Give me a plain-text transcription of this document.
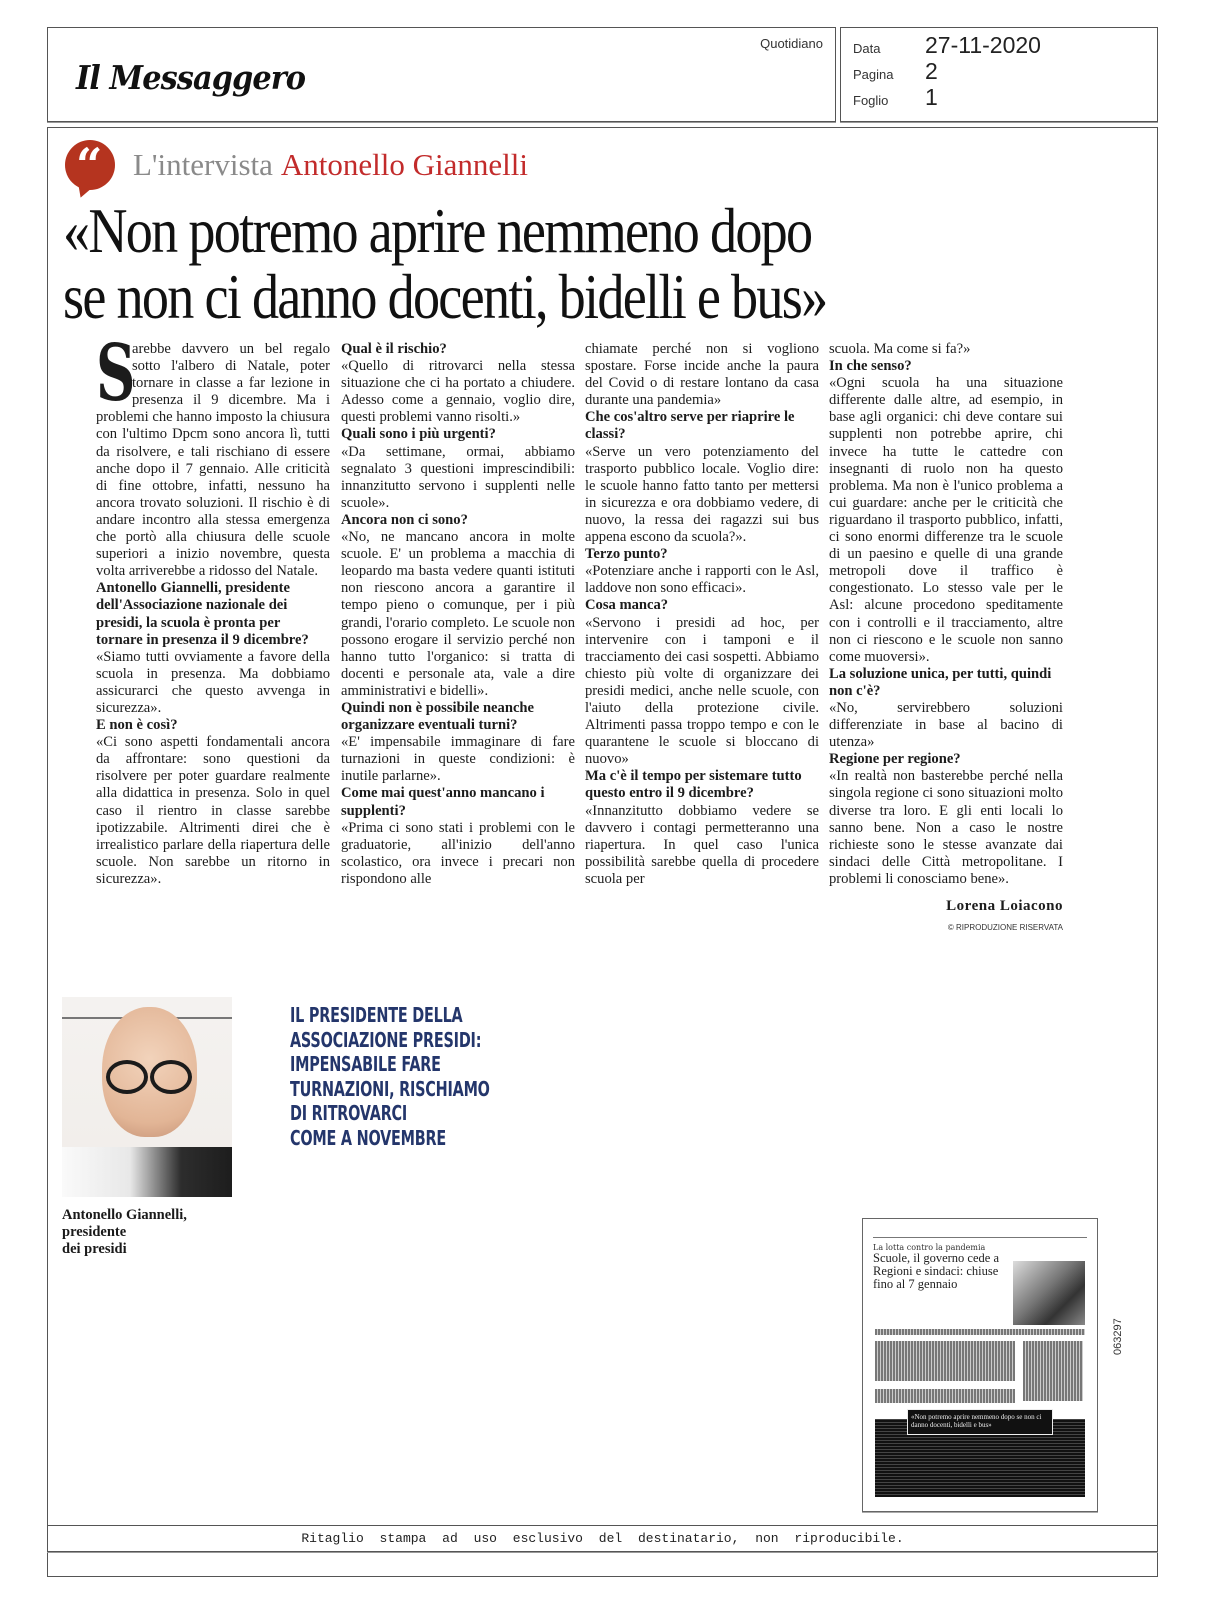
Il Messaggero
Quotidiano Data 27-11-2020
Pagina 2
Foglio 1
“ L'intervista Antonello Giannelli
«Non potremo aprire nemmeno dopo
se non ci danno docenti, bidelli e bus»
S

arebbe davvero un bel regalo sotto l'albero di Natale, poter tornare in classe a far lezione in presenza il 9 dicembre. Ma i problemi che hanno imposto la chiusura con l'ultimo Dpcm sono ancora lì, tutti da risolvere, e tali rischiano di essere anche dopo il 7 gennaio. Alle criticità di fine ottobre, infatti, nessuno ha ancora trovato soluzioni. Il rischio è di andare incontro alla stessa emergenza che portò alla chiusura delle scuole superiori a inizio novembre, questa volta arriverebbe a ridosso del Natale.

Antonello Giannelli, presidente dell'Associazione nazionale dei presidi, la scuola è pronta per tornare in presenza il 9 dicembre?

«Siamo tutti ovviamente a favore della scuola in presenza. Ma dobbiamo assicurarci che questo avvenga in sicurezza».

E non è così?

«Ci sono aspetti fondamentali ancora da affrontare: sono questioni da risolvere per poter guardare realmente alla didattica in presenza. Solo in quel caso il rientro in classe sarebbe ipotizzabile. Altrimenti direi che è irrealistico parlare della riapertura delle scuole. Non sarebbe un ritorno in sicurezza».

Qual è il rischio?

«Quello di ritrovarci nella stessa situazione che ci ha portato a chiudere. Adesso come a gennaio, voglio dire, questi problemi vanno risolti.»

Quali sono i più urgenti?

«Da settimane, ormai, abbiamo segnalato 3 questioni imprescindibili: innanzitutto servono i supplenti nelle scuole».

Ancora non ci sono?

«No, ne mancano ancora in molte scuole. E' un problema a macchia di leopardo ma basta vedere quanti istituti non riescono ancora a garantire il tempo pieno o comunque, per i più grandi, l'orario completo. Le scuole non possono erogare il servizio perché non hanno tutto l'organico: si tratta di docenti e personale ata, vale a dire amministrativi e bidelli».

Quindi non è possibile neanche organizzare eventuali turni?

«E' impensabile immaginare di fare turnazioni in queste condizioni: è inutile parlarne».

Come mai quest'anno mancano i supplenti?

«Prima ci sono stati i problemi con le graduatorie, all'inizio dell'anno scolastico, ora invece i precari non rispondono alle

chiamate perché non si vogliono spostare. Forse incide anche la paura del Covid o di restare lontano da casa durante una pandemia»

Che cos'altro serve per riaprire le classi?

«Serve un vero potenziamento del trasporto pubblico locale. Voglio dire: le scuole hanno fatto tanto per mettersi in sicurezza e ora dobbiamo vedere, di nuovo, la ressa dei ragazzi sui bus appena escono da scuola?».

Terzo punto?

«Potenziare anche i rapporti con le Asl, laddove non sono efficaci».

Cosa manca?

«Servono i presidi ad hoc, per intervenire con i tamponi e il tracciamento dei casi sospetti. Abbiamo chiesto più volte di organizzare dei presidi medici, anche nelle scuole, con l'aiuto della protezione civile. Altrimenti passa troppo tempo e con le quarantene le scuole si bloccano di nuovo»

Ma c'è il tempo per sistemare tutto questo entro il 9 dicembre?

«Innanzitutto dobbiamo vedere se davvero i contagi permetteranno una riapertura. In quel caso l'unica possibilità sarebbe quella di procedere scuola per

scuola. Ma come si fa?»

In che senso?

«Ogni scuola ha una situazione differente dalle altre, ad esempio, in base agli organici: chi deve contare sui supplenti non potrebbe aprire, chi invece ha tutte le cattedre con insegnanti di ruolo non ha questo problema. Ma non è l'unico problema a cui guardare: anche per le criticità che riguardano il trasporto pubblico, infatti, ci sono enormi differenze tra le scuole di un paesino e quelle di una grande metropoli dove il traffico è congestionato. Lo stesso vale per le Asl: alcune procedono speditamente con i controlli e il tracciamento, altre non ci riescono e le scuole non sanno come muoversi».

La soluzione unica, per tutti, quindi non c'è?

«No, servirebbero soluzioni differenziate in base al bacino di utenza»

Regione per regione?

«In realtà non basterebbe perché nella singola regione ci sono situazioni molto diverse tra loro. E gli enti locali lo sanno bene. Non a caso le nostre richieste sono le stesse avanzate dai sindaci delle Città metropolitane. I problemi li conosciamo bene».

Lorena Loiacono
© RIPRODUZIONE RISERVATA
Antonello Giannelli,
presidente
dei presidi
IL PRESIDENTE DELLA
ASSOCIAZIONE PRESIDI:
IMPENSABILE FARE
TURNAZIONI, RISCHIAMO
DI RITROVARCI
COME A NOVEMBRE
La lotta contro la pandemia
Scuole, il governo cede a Regioni e sindaci: chiuse fino al 7 gennaio
«Non potremo aprire nemmeno dopo se non ci danno docenti, bidelli e bus»
063297
Ritaglio stampa ad uso esclusivo del destinatario, non riproducibile.
